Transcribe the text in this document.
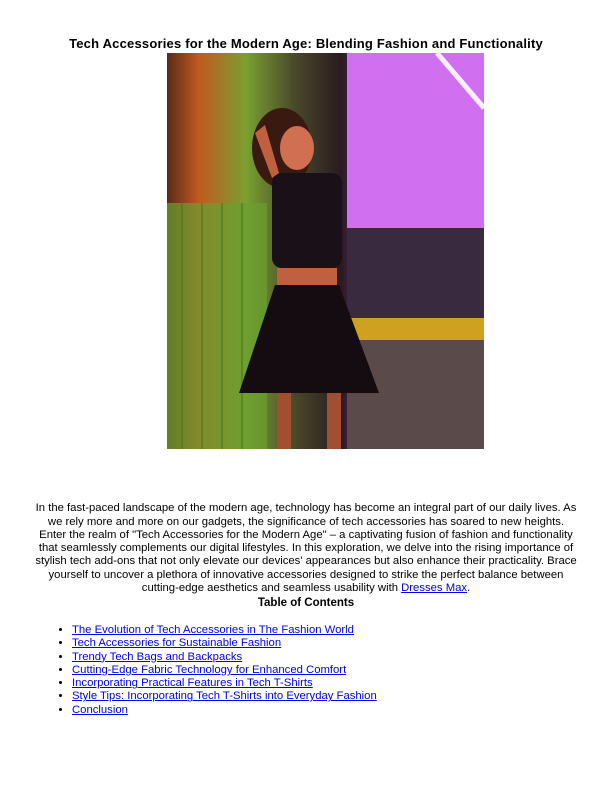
Tech Accessories for the Modern Age: Blending Fashion and Functionality

In the fast-paced landscape of the modern age, technology has become an integral part of our daily lives. As we rely more and more on our gadgets, the significance of tech accessories has soared to new heights. Enter the realm of "Tech Accessories for the Modern Age" – a captivating fusion of fashion and functionality that seamlessly complements our digital lifestyles. In this exploration, we delve into the rising importance of stylish tech add-ons that not only elevate our devices' appearances but also enhance their practicality. Brace yourself to uncover a plethora of innovative accessories designed to strike the perfect balance between cutting-edge aesthetics and seamless usability with Dresses Max.

Table of Contents
• The Evolution of Tech Accessories in The Fashion World
• Tech Accessories for Sustainable Fashion
• Trendy Tech Bags and Backpacks
• Cutting-Edge Fabric Technology for Enhanced Comfort
• Incorporating Practical Features in Tech T-Shirts
• Style Tips: Incorporating Tech T-Shirts into Everyday Fashion
• Conclusion
